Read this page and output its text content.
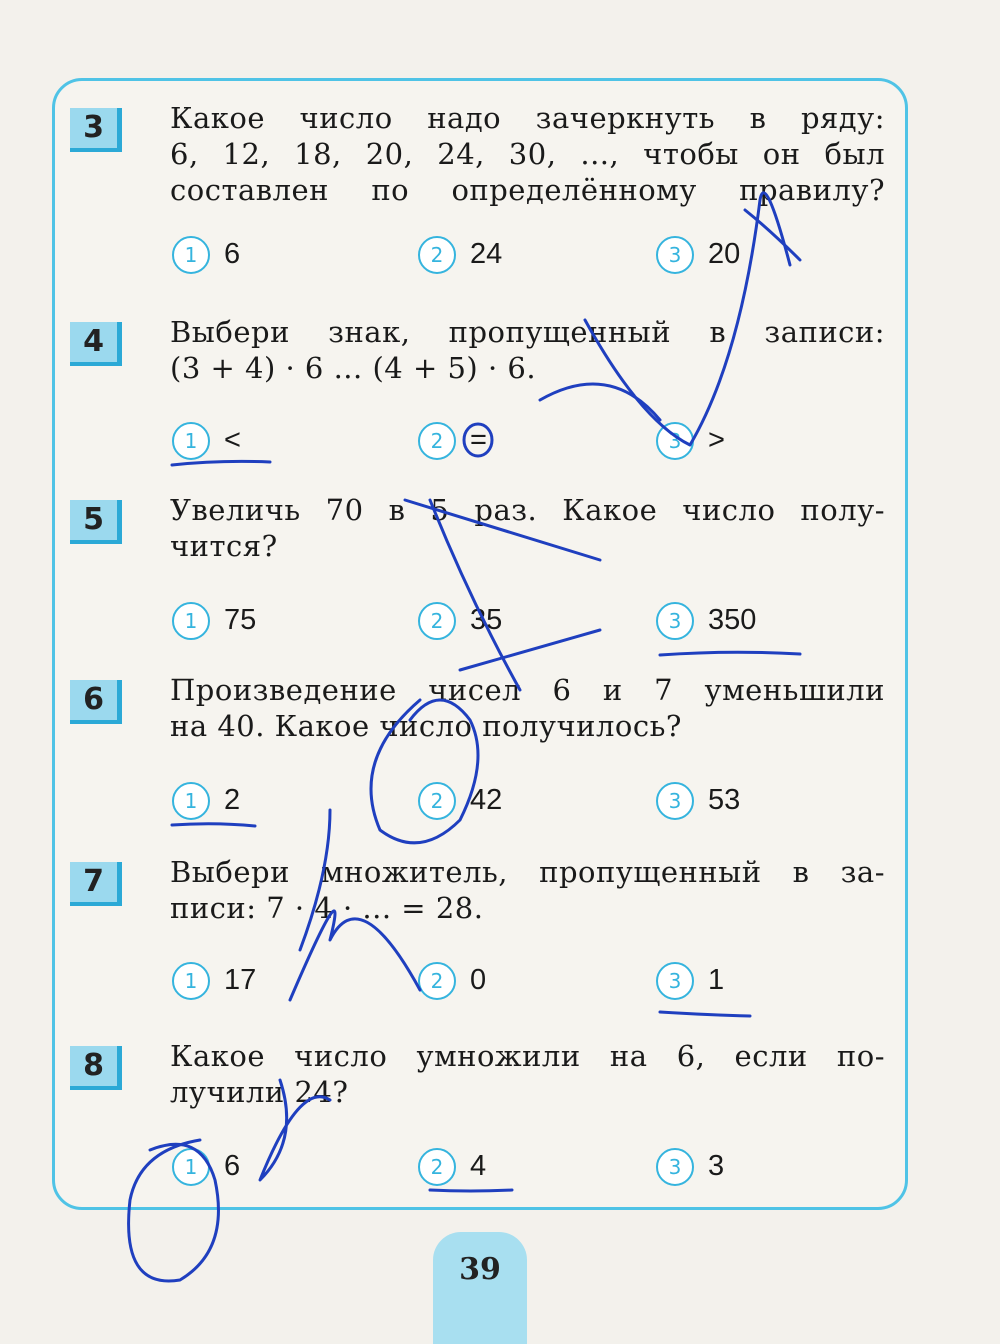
3	Какое число надо зачеркнуть в ряду:
6, 12, 18, 20, 24, 30, ..., чтобы он был
составлен по определённому правилу?
1 6	2 24	3 20
4	Выбери знак, пропущенный в записи:
(3 + 4) · 6 ... (4 + 5) · 6.
1 <	2 =	3 >
5	Увеличь 70 в 5 раз. Какое число полу-
чится?
1 75	2 35	3 350
6	Произведение чисел 6 и 7 уменьшили
на 40. Какое число получилось?
1 2	2 42	3 53
7	Выбери множитель, пропущенный в за-
писи: 7 · 4 · ... = 28.
1 17	2 0	3 1
8	Какое число умножили на 6, если по-
лучили 24?
1 6	2 4	3 3
39
